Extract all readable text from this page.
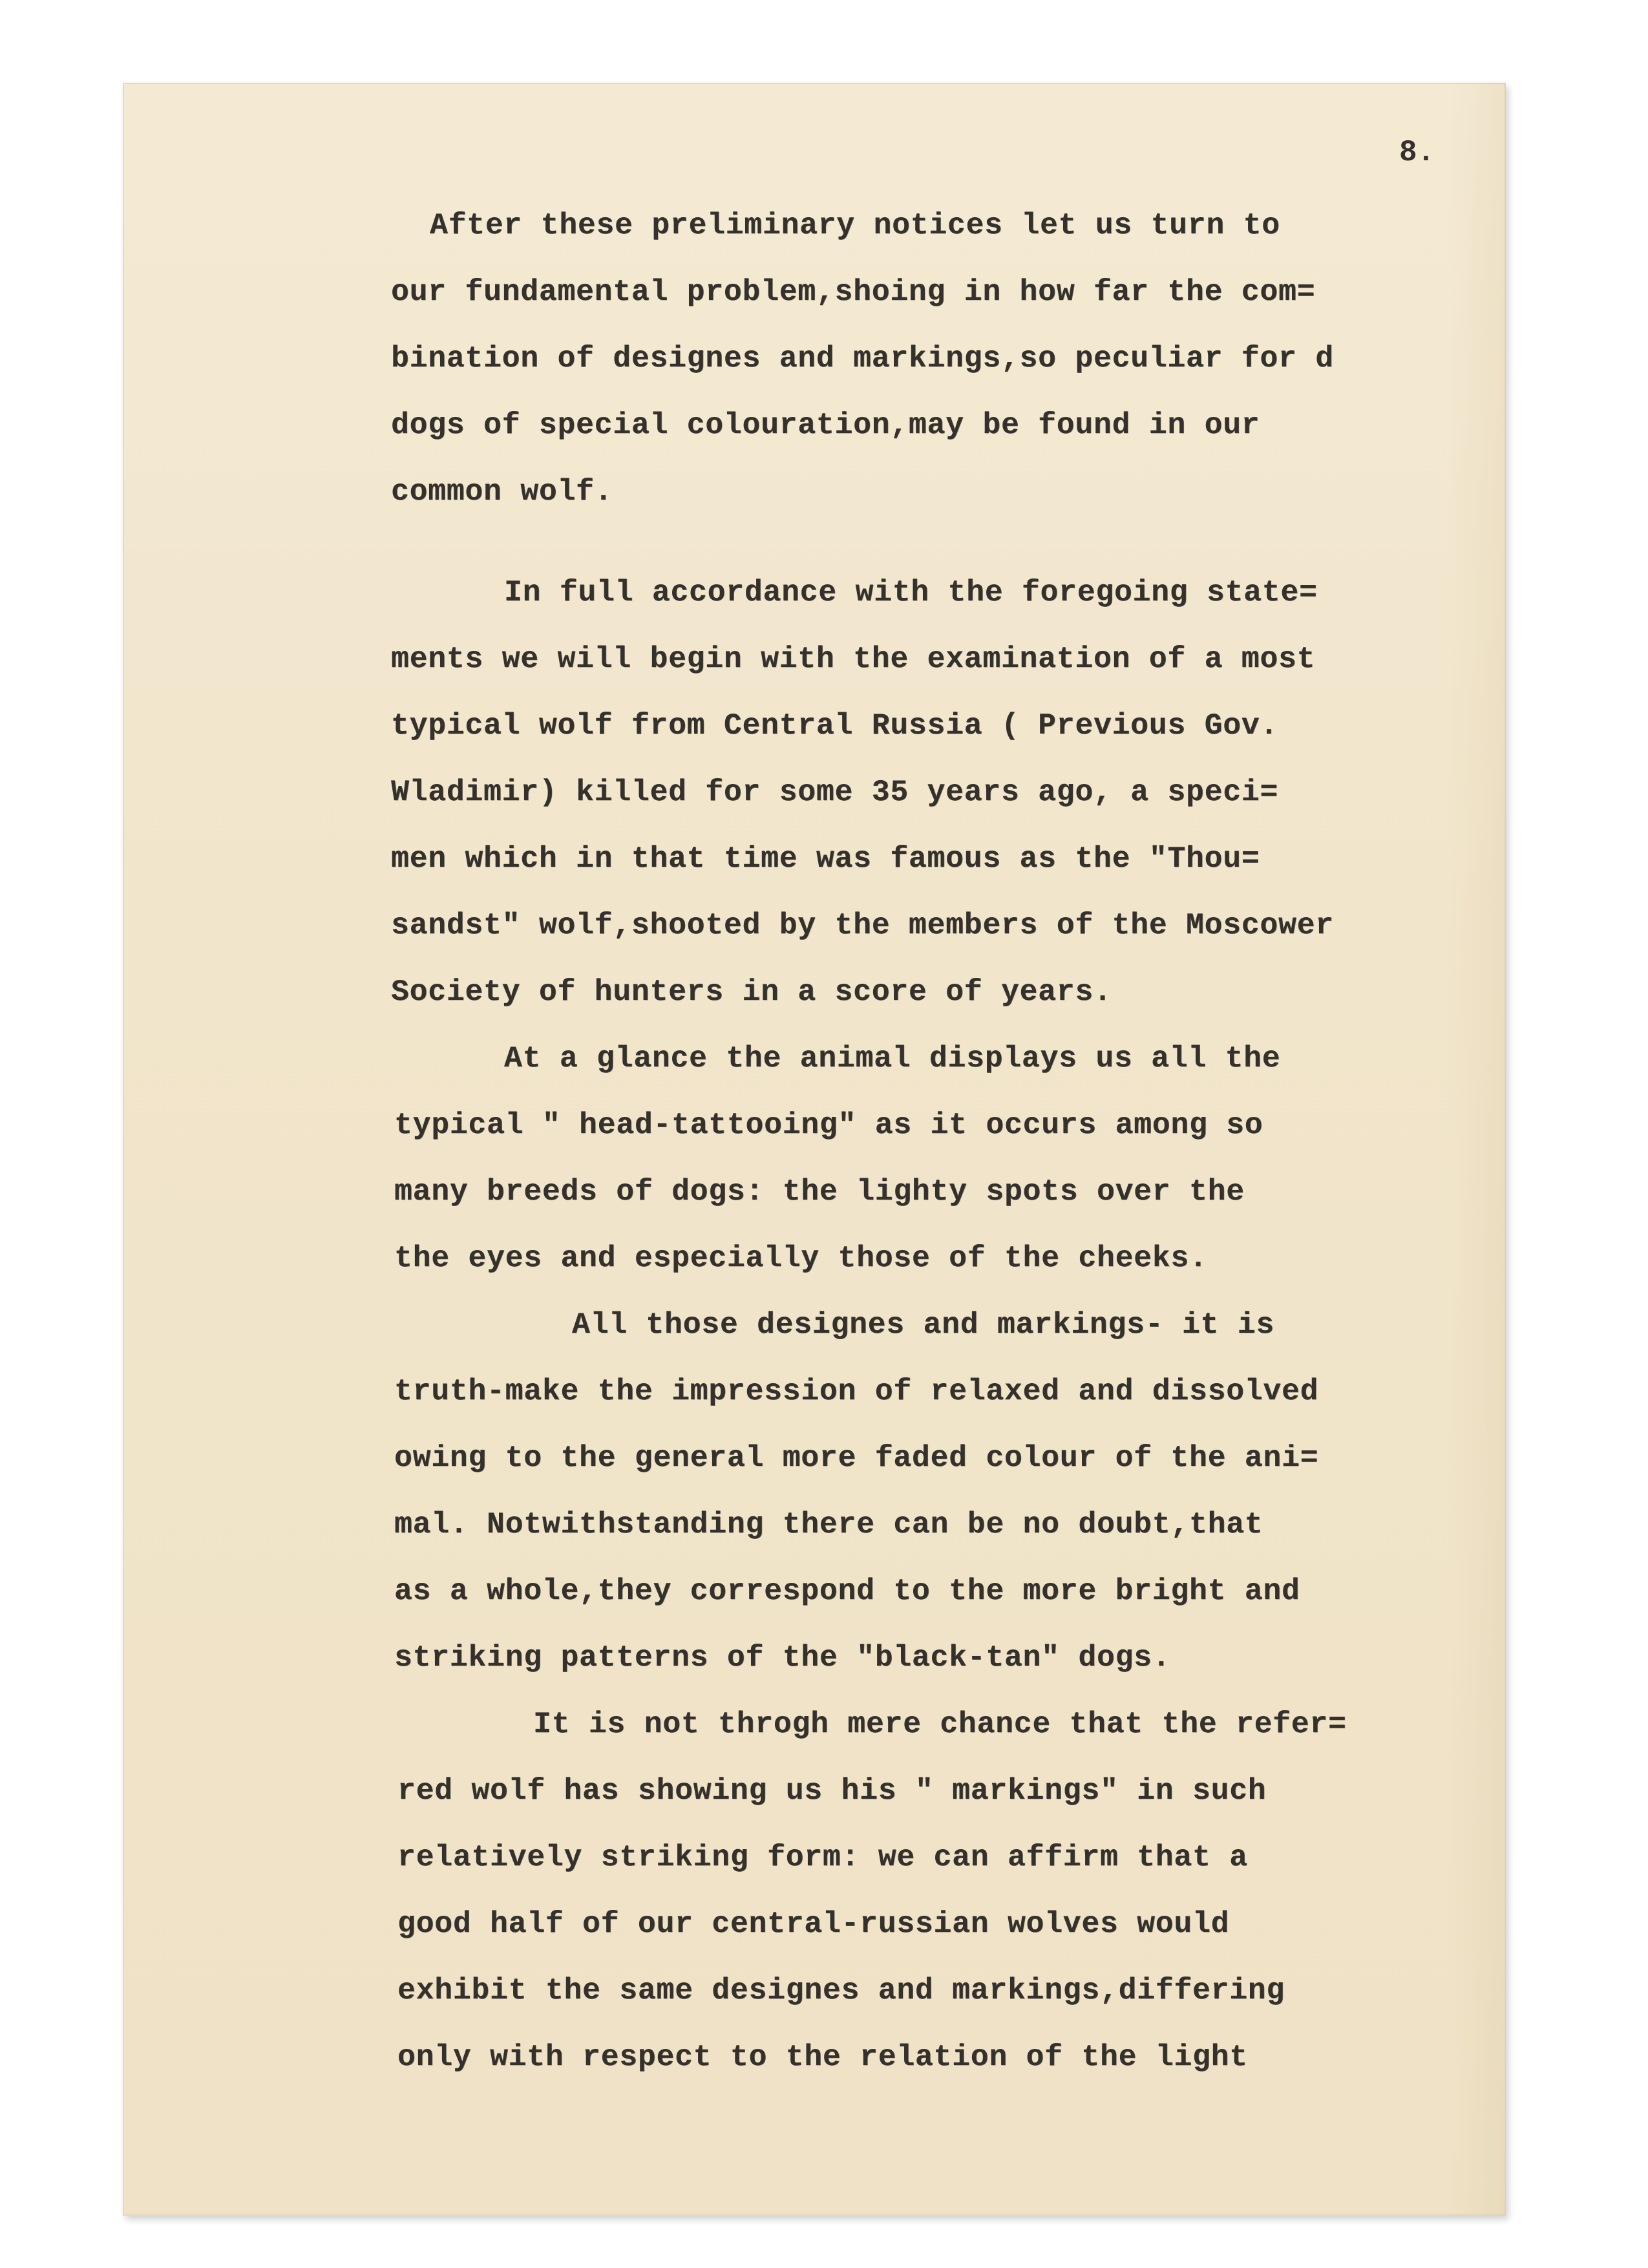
8.

After these preliminary notices let us turn to

our fundamental problem,shoing in how far the com=

bination of designes and markings,so peculiar for d

dogs of special colouration,may be found in our

common wolf.

In full accordance with the foregoing state=

ments we will begin with the examination of a most

typical wolf from Central Russia ( Previous Gov.

Wladimir) killed for some 35 years ago, a speci=

men which in that time was famous as the "Thou=

sandst" wolf,shooted by the members of the Moscower

Society of hunters in a score of years.

At a glance the animal displays us all the

typical " head-tattooing" as it occurs among so

many breeds of dogs: the lighty spots over the

the eyes and especially those of the cheeks.

All those designes and markings- it is

truth-make the impression of relaxed and dissolved

owing to the general more faded colour of the ani=

mal. Notwithstanding there can be no doubt,that

as a whole,they correspond to the more bright and

striking patterns of the "black-tan" dogs.

It is not throgh mere chance that the refer=

red wolf has showing us his " markings" in such

relatively striking form: we can affirm that a

good half of our central-russian wolves would

exhibit the same designes and markings,differing

only with respect to the relation of the light
